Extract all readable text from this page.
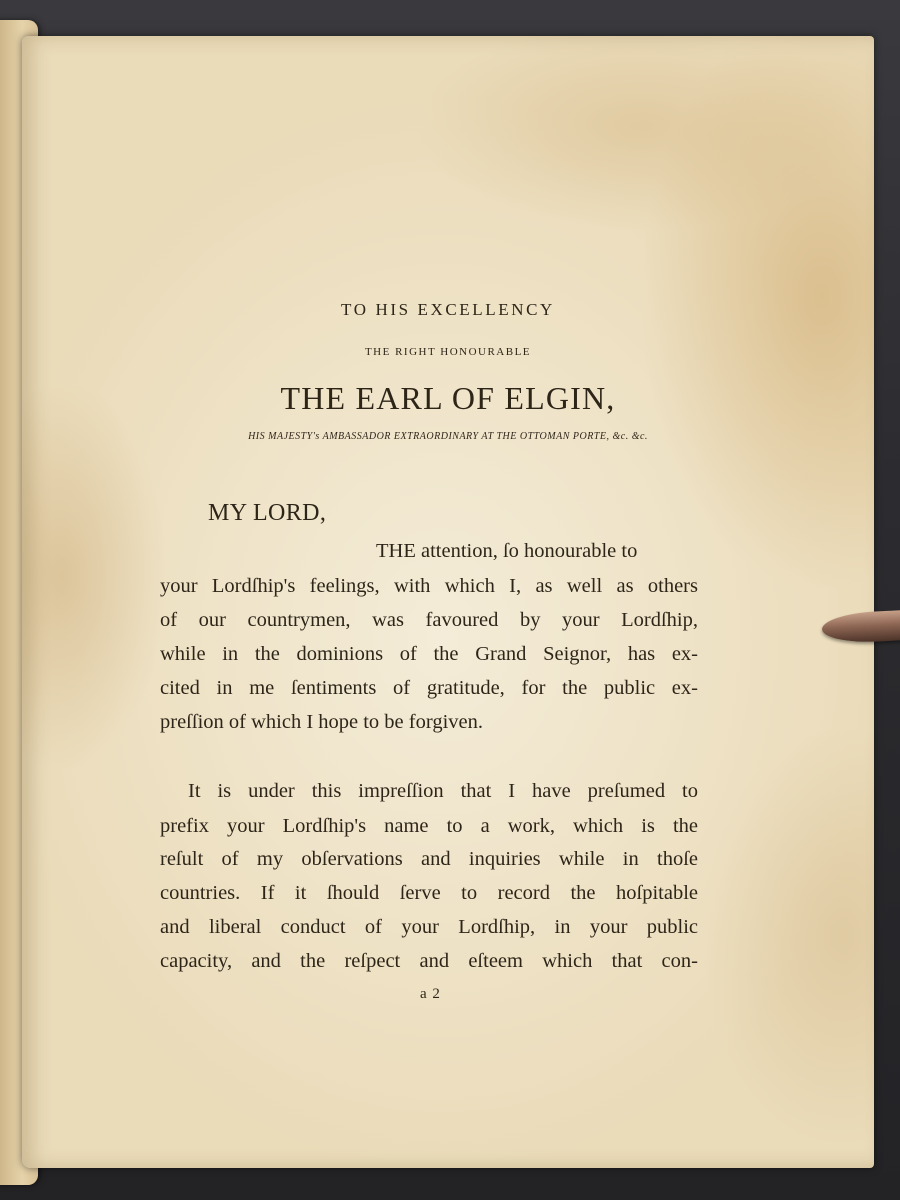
TO HIS EXCELLENCY
THE RIGHT HONOURABLE
THE EARL OF ELGIN,
HIS MAJESTY's AMBASSADOR EXTRAORDINARY AT THE OTTOMAN PORTE, &c. &c.
MY LORD,
THE attention, ſo honourable to
your Lordſhip's feelings, with which I, as well as others
of our countrymen, was favoured by your Lordſhip,
while in the dominions of the Grand Seignor, has ex-
cited in me ſentiments of gratitude, for the public ex-
preſſion of which I hope to be forgiven.
It is under this impreſſion that I have preſumed to
prefix your Lordſhip's name to a work, which is the
reſult of my obſervations and inquiries while in thoſe
countries. If it ſhould ſerve to record the hoſpitable
and liberal conduct of your Lordſhip, in your public
capacity, and the reſpect and eſteem which that con-
a 2
